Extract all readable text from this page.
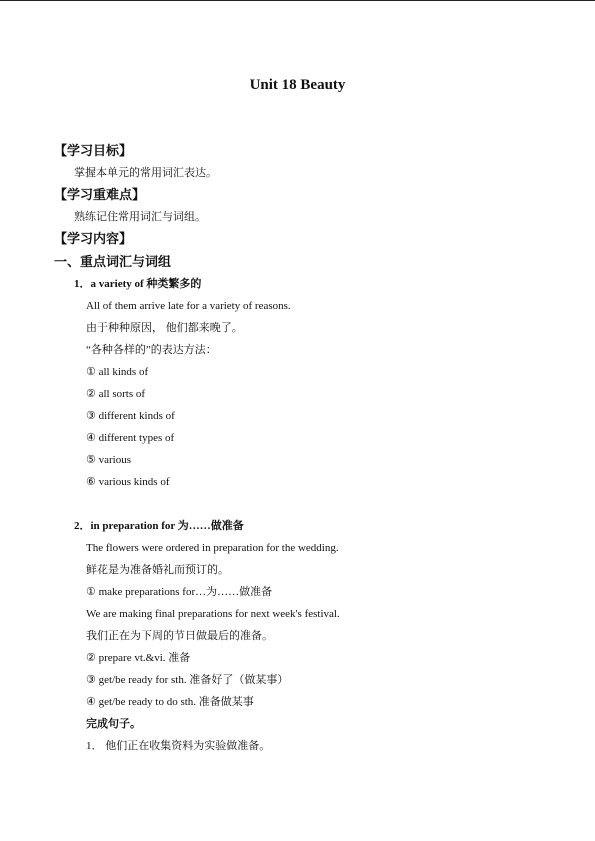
Unit 18 Beauty
【学习目标】
掌握本单元的常用词汇表达。
【学习重难点】
熟练记住常用词汇与词组。
【学习内容】
一、重点词汇与词组
1．a variety of 种类繁多的
All of them arrive late for a variety of reasons.
由于种种原因， 他们都来晚了。
“各种各样的”的表达方法：
① all kinds of
② all sorts of
③ different kinds of
④ different types of
⑤ various
⑥ various kinds of
2．in preparation for 为……做准备
The flowers were ordered in preparation for the wedding.
鲜花是为准备婚礼而预订的。
① make preparations for…为……做准备
We are making final preparations for next week's festival.
我们正在为下周的节日做最后的准备。
② prepare vt.&vi. 准备
③ get/be ready for sth. 准备好了（做某事）
④ get/be ready to do sth. 准备做某事
完成句子。
1． 他们正在收集资料为实验做准备。
